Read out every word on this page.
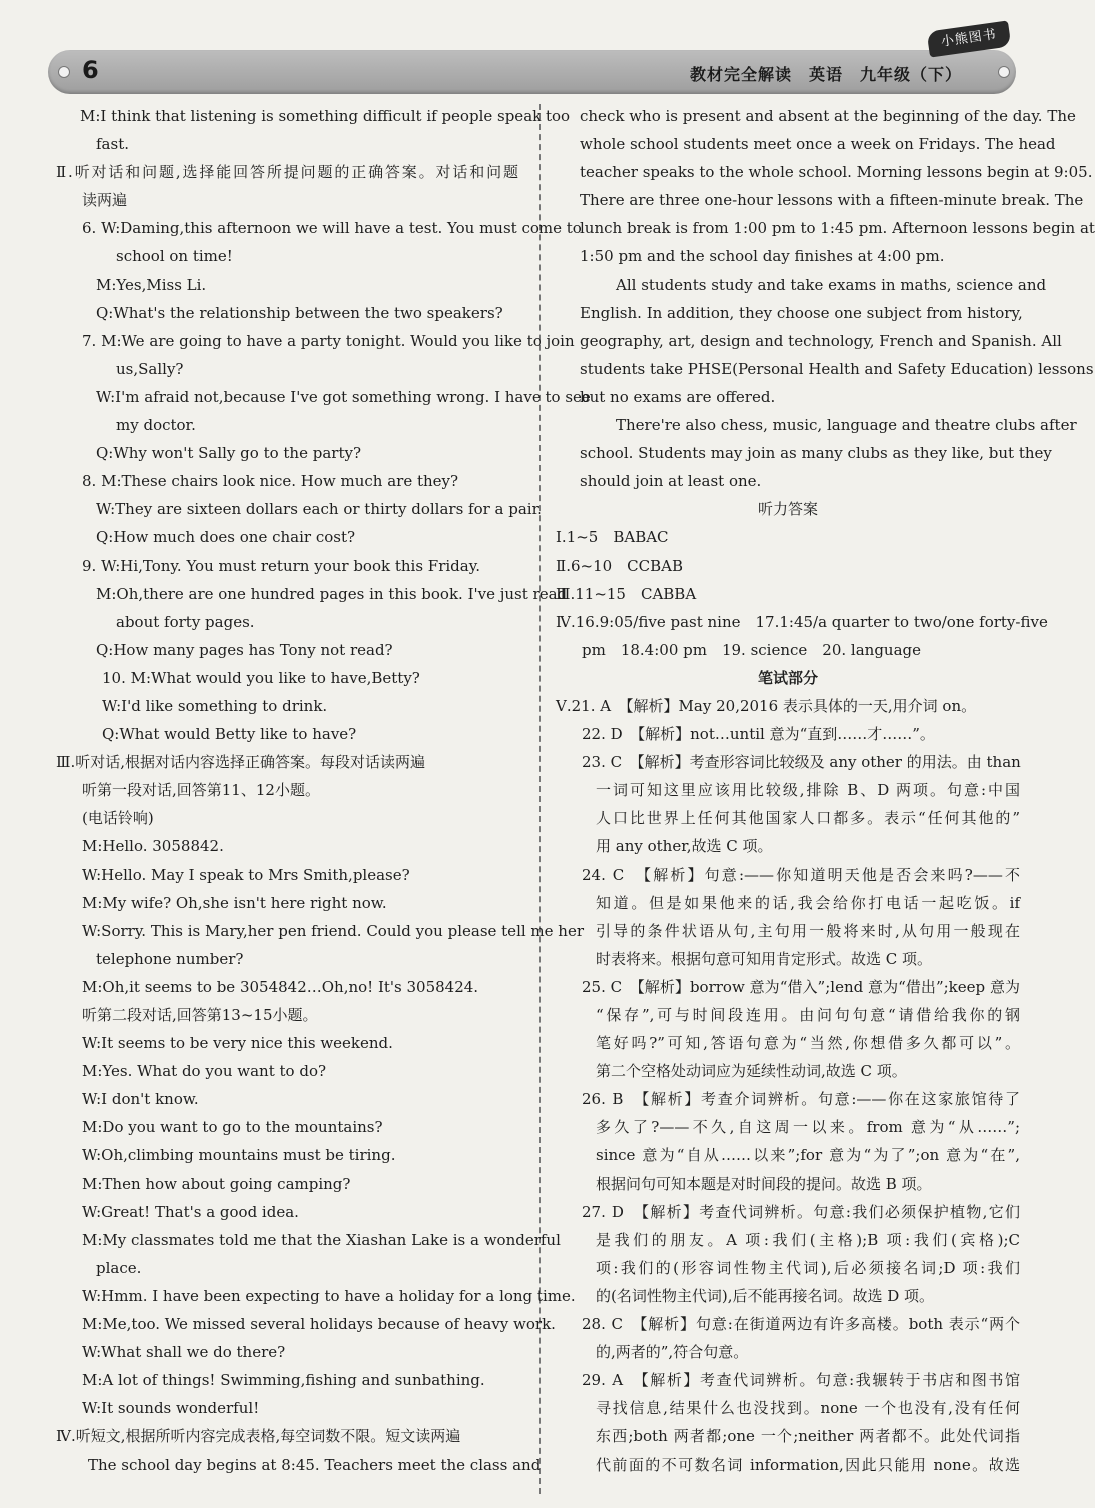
6	教材完全解读　英语　九年级（下）
小熊图书
M:I think that listening is something difficult if people speak too
fast.
Ⅱ.听对话和问题,选择能回答所提问题的正确答案。对话和问题
读两遍
6. W:Daming,this afternoon we will have a test. You must come to
school on time!
M:Yes,Miss Li.
Q:What's the relationship between the two speakers?
7. M:We are going to have a party tonight. Would you like to join
us,Sally?
W:I'm afraid not,because I've got something wrong. I have to see
my doctor.
Q:Why won't Sally go to the party?
8. M:These chairs look nice. How much are they?
W:They are sixteen dollars each or thirty dollars for a pair.
Q:How much does one chair cost?
9. W:Hi,Tony. You must return your book this Friday.
M:Oh,there are one hundred pages in this book. I've just read
about forty pages.
Q:How many pages has Tony not read?
10. M:What would you like to have,Betty?
W:I'd like something to drink.
Q:What would Betty like to have?
Ⅲ.听对话,根据对话内容选择正确答案。每段对话读两遍
听第一段对话,回答第11、12小题。
(电话铃响)
M:Hello. 3058842.
W:Hello. May I speak to Mrs Smith,please?
M:My wife? Oh,she isn't here right now.
W:Sorry. This is Mary,her pen friend. Could you please tell me her
telephone number?
M:Oh,it seems to be 3054842…Oh,no! It's 3058424.
听第二段对话,回答第13~15小题。
W:It seems to be very nice this weekend.
M:Yes. What do you want to do?
W:I don't know.
M:Do you want to go to the mountains?
W:Oh,climbing mountains must be tiring.
M:Then how about going camping?
W:Great! That's a good idea.
M:My classmates told me that the Xiashan Lake is a wonderful
place.
W:Hmm. I have been expecting to have a holiday for a long time.
M:Me,too. We missed several holidays because of heavy work.
W:What shall we do there?
M:A lot of things! Swimming,fishing and sunbathing.
W:It sounds wonderful!
Ⅳ.听短文,根据所听内容完成表格,每空词数不限。短文读两遍
The school day begins at 8:45. Teachers meet the class and
check who is present and absent at the beginning of the day. The
whole school students meet once a week on Fridays. The head
teacher speaks to the whole school. Morning lessons begin at 9:05.
There are three one-hour lessons with a fifteen-minute break. The
lunch break is from 1:00 pm to 1:45 pm. Afternoon lessons begin at
1:50 pm and the school day finishes at 4:00 pm.
All students study and take exams in maths, science and
English. In addition, they choose one subject from history,
geography, art, design and technology, French and Spanish. All
students take PHSE(Personal Health and Safety Education) lessons
but no exams are offered.
There're also chess, music, language and theatre clubs after
school. Students may join as many clubs as they like, but they
should join at least one.
听力答案
Ⅰ.1~5　BABAC
Ⅱ.6~10　CCBAB
Ⅲ.11~15　CABBA
Ⅳ.16.9:05/five past nine　17.1:45/a quarter to two/one forty-five
pm　18.4:00 pm　19. science　20. language
笔试部分
Ⅴ.21. A　【解析】May 20,2016 表示具体的一天,用介词 on。
22. D　【解析】not…until 意为“直到……才……”。
23. C　【解析】考查形容词比较级及 any other 的用法。由 than
一词可知这里应该用比较级,排除 B、D 两项。句意:中国
人口比世界上任何其他国家人口都多。表示“任何其他的”
用 any other,故选 C 项。
24. C　【解析】句意:——你知道明天他是否会来吗?——不
知道。但是如果他来的话,我会给你打电话一起吃饭。if
引导的条件状语从句,主句用一般将来时,从句用一般现在
时表将来。根据句意可知用肯定形式。故选 C 项。
25. C　【解析】borrow 意为“借入”;lend 意为“借出”;keep 意为
“保存”,可与时间段连用。由问句句意“请借给我你的钢
笔好吗?”可知,答语句意为“当然,你想借多久都可以”。
第二个空格处动词应为延续性动词,故选 C 项。
26. B　【解析】考查介词辨析。句意:——你在这家旅馆待了
多久了?——不久,自这周一以来。from 意为“从……”;
since 意为“自从……以来”;for 意为“为了”;on 意为“在”,
根据问句可知本题是对时间段的提问。故选 B 项。
27. D　【解析】考查代词辨析。句意:我们必须保护植物,它们
是我们的朋友。A 项:我们(主格);B 项:我们(宾格);C
项:我们的(形容词性物主代词),后必须接名词;D 项:我们
的(名词性物主代词),后不能再接名词。故选 D 项。
28. C　【解析】句意:在街道两边有许多高楼。both 表示“两个
的,两者的”,符合句意。
29. A　【解析】考查代词辨析。句意:我辗转于书店和图书馆
寻找信息,结果什么也没找到。none 一个也没有,没有任何
东西;both 两者都;one 一个;neither 两者都不。此处代词指
代前面的不可数名词 information,因此只能用 none。故选
